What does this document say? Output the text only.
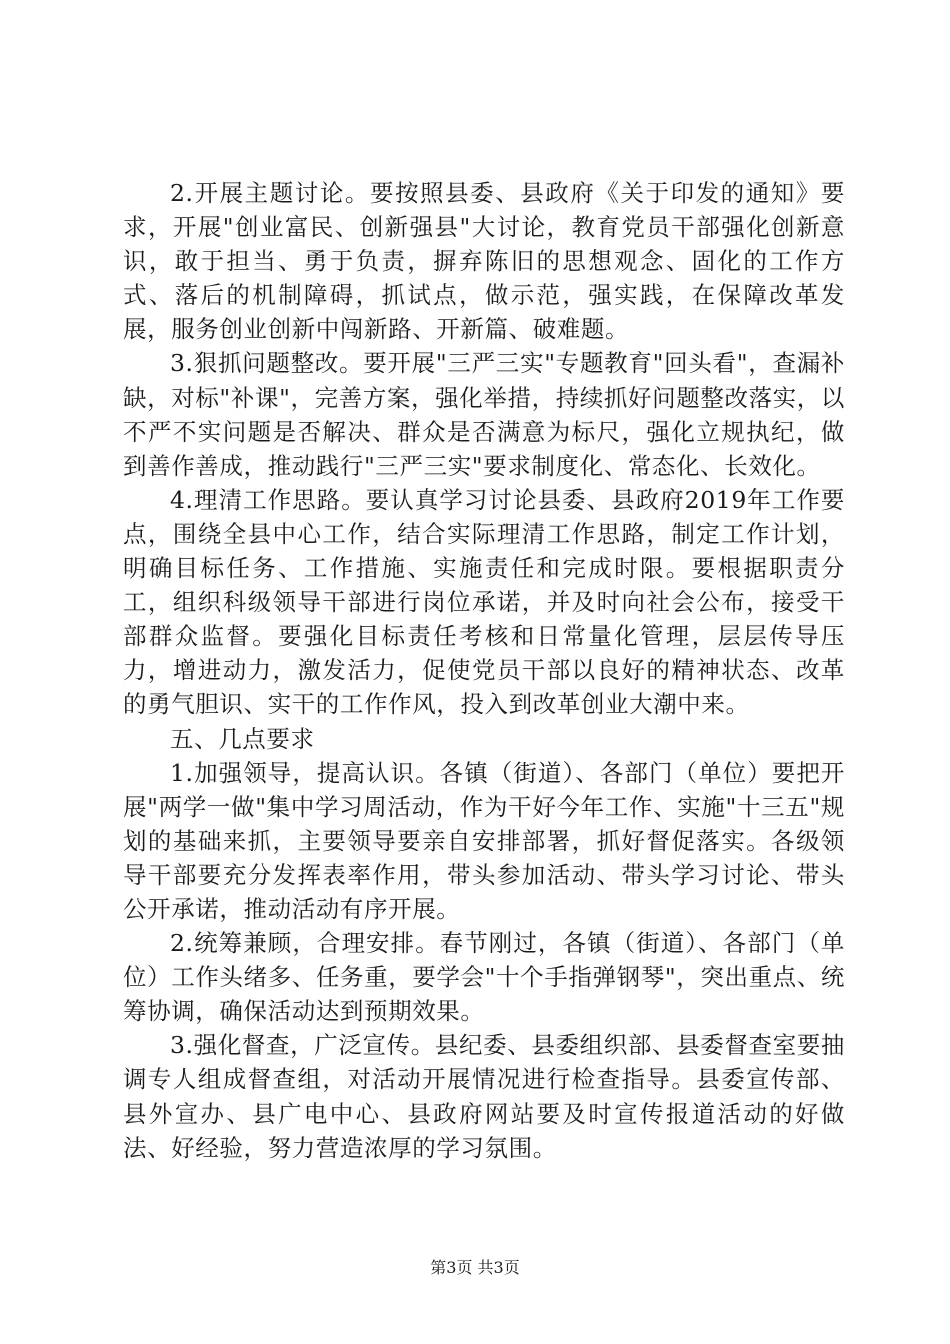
2.开展主题讨论。要按照县委、县政府《关于印发的通知》要求，开展"创业富民、创新强县"大讨论，教育党员干部强化创新意识，敢于担当、勇于负责，摒弃陈旧的思想观念、固化的工作方式、落后的机制障碍，抓试点，做示范，强实践，在保障改革发展，服务创业创新中闯新路、开新篇、破难题。

3.狠抓问题整改。要开展"三严三实"专题教育"回头看"，查漏补缺，对标"补课"，完善方案，强化举措，持续抓好问题整改落实，以不严不实问题是否解决、群众是否满意为标尺，强化立规执纪，做到善作善成，推动践行"三严三实"要求制度化、常态化、长效化。

4.理清工作思路。要认真学习讨论县委、县政府2019年工作要点，围绕全县中心工作，结合实际理清工作思路，制定工作计划，明确目标任务、工作措施、实施责任和完成时限。要根据职责分工，组织科级领导干部进行岗位承诺，并及时向社会公布，接受干部群众监督。要强化目标责任考核和日常量化管理，层层传导压力，增进动力，激发活力，促使党员干部以良好的精神状态、改革的勇气胆识、实干的工作作风，投入到改革创业大潮中来。

五、几点要求

1.加强领导，提高认识。各镇（街道）、各部门（单位）要把开展"两学一做"集中学习周活动，作为干好今年工作、实施"十三五"规划的基础来抓，主要领导要亲自安排部署，抓好督促落实。各级领导干部要充分发挥表率作用，带头参加活动、带头学习讨论、带头公开承诺，推动活动有序开展。

2.统筹兼顾，合理安排。春节刚过，各镇（街道）、各部门（单位）工作头绪多、任务重，要学会"十个手指弹钢琴"，突出重点、统筹协调，确保活动达到预期效果。

3.强化督查，广泛宣传。县纪委、县委组织部、县委督查室要抽调专人组成督查组，对活动开展情况进行检查指导。县委宣传部、县外宣办、县广电中心、县政府网站要及时宣传报道活动的好做法、好经验，努力营造浓厚的学习氛围。

第3页 共3页
